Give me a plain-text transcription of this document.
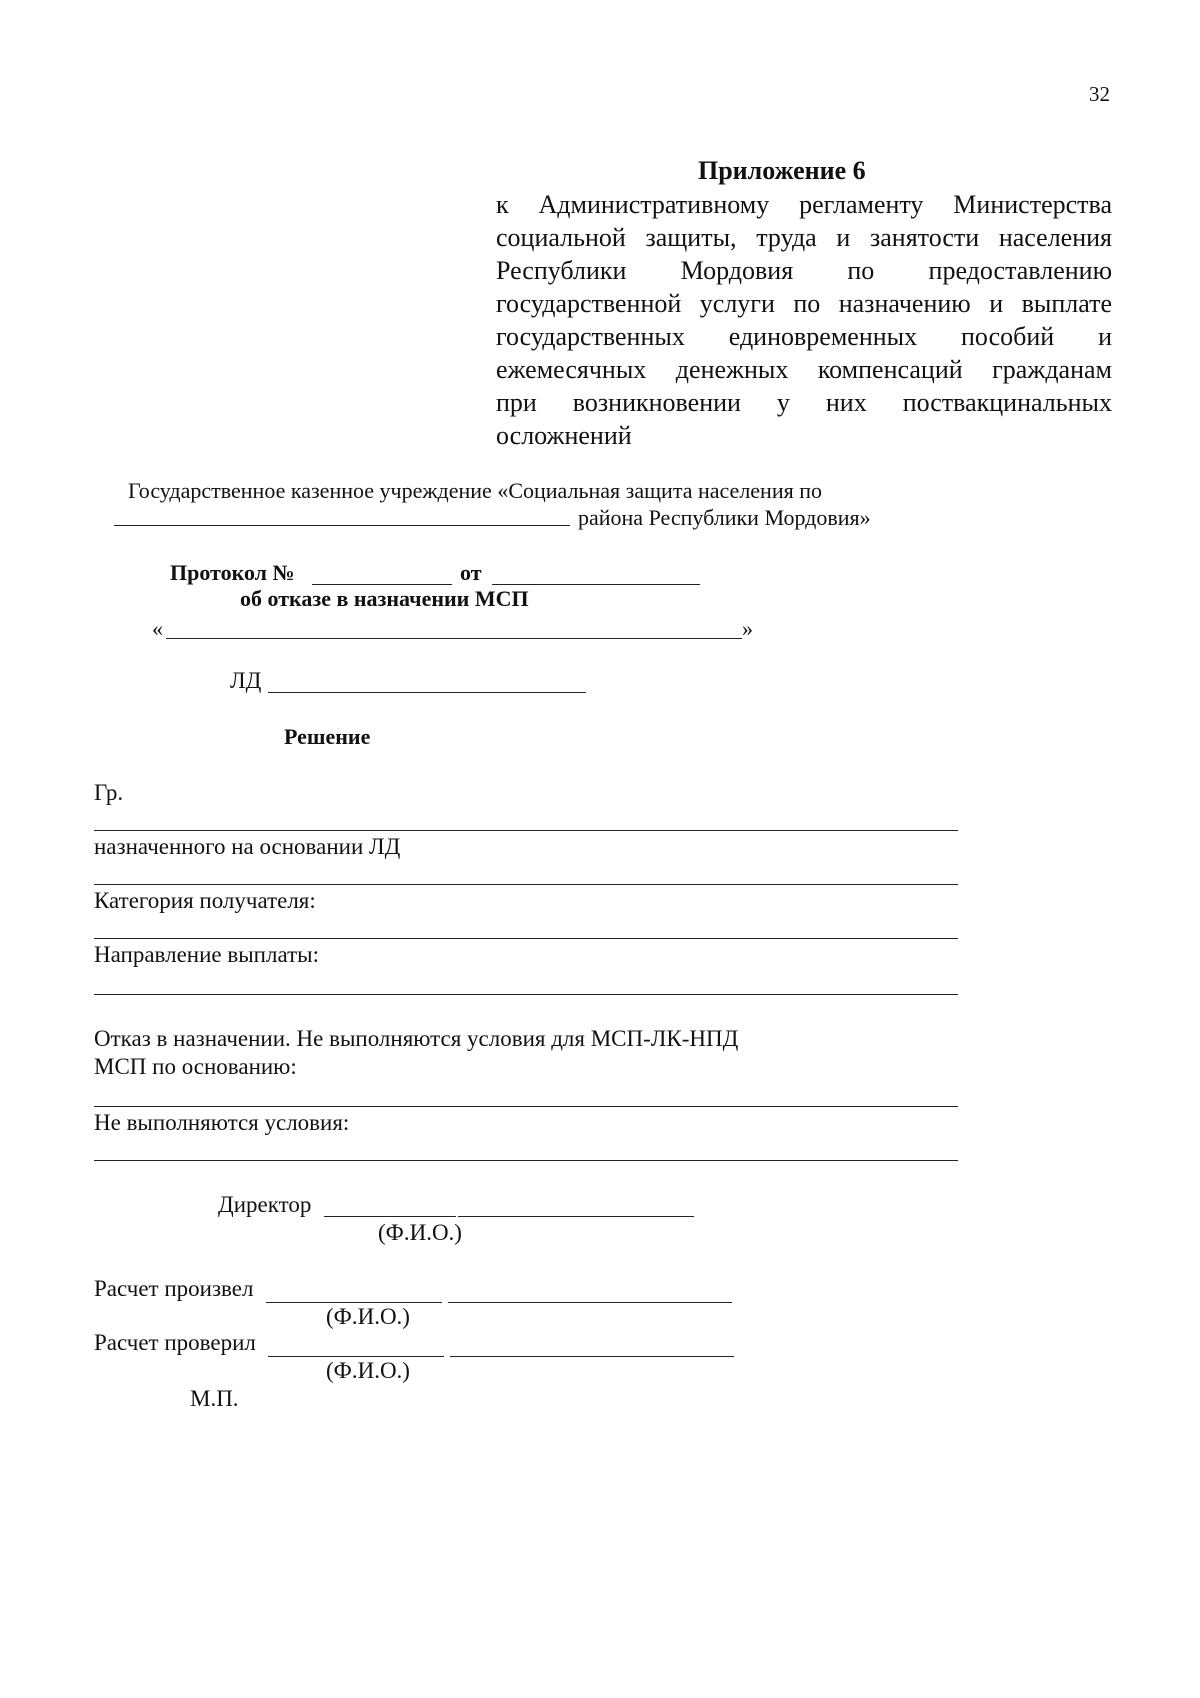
32
Приложение 6
к Административному регламенту Министерства
социальной защиты, труда и занятости населения
Республики Мордовия по предоставлению
государственной услуги по назначению и выплате
государственных единовременных пособий и
ежемесячных денежных компенсаций гражданам
при возникновении у них поствакцинальных
осложнений
Государственное казенное учреждение «Социальная защита населения по
района Республики Мордовия»
Протокол №	от
об отказе в назначении МСП
«	»
ЛД
Решение
Гр.
назначенного на основании ЛД
Категория получателя:
Направление выплаты:
Отказ в назначении. Не выполняются условия для МСП-ЛК-НПД
МСП по основанию:
Не выполняются условия:
Директор
(Ф.И.О.)
Расчет произвел
(Ф.И.О.)
Расчет проверил
(Ф.И.О.)
М.П.
